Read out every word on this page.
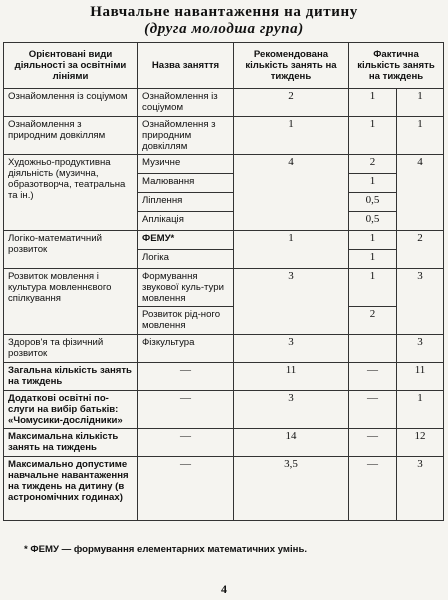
Навчальне навантаження на дитину
(друга молодша група)
Орієнтовані види діяльності за освітніми лініями	Назва заняття	Рекомендована кількість занять на тиждень	Фактична кількість занять на тиждень	
Ознайомлення із соціумом	Ознайомлення із соціумом	2	1	1
Ознайомлення з природним довкіллям	Ознайомлення з природним довкіллям	1	1	1
Художньо-продуктивна діяльність (музична, образотворча, театральна та ін.)	Музичне	4	2	4
	Малювання		1	
	Ліплення		0,5	
	Аплікація		0,5	
Логіко-математичний розвиток	ФЕМУ*	1	1	2
	Логіка		1	
Розвиток мовлення і культура мовленнєвого спілкування	Формування звукової куль-тури мовлення	3	1	3
	Розвиток рід-ного мовлення		2	
Здоров'я та фізичний розвиток	Фізкультура	3		3
Загальна кількість занять на тиждень	—	11	—	11
Додаткові освітні по-слуги на вибір батьків: «Чомусики-дослідники»	—	3	—	1
Максимальна кількість занять на тиждень	—	14	—	12
Максимально допустиме навчальне навантаження на тиждень на дитину (в астрономічних годинах)	—	3,5	—	3
* ФЕМУ — формування елементарних математичних умінь.
4
